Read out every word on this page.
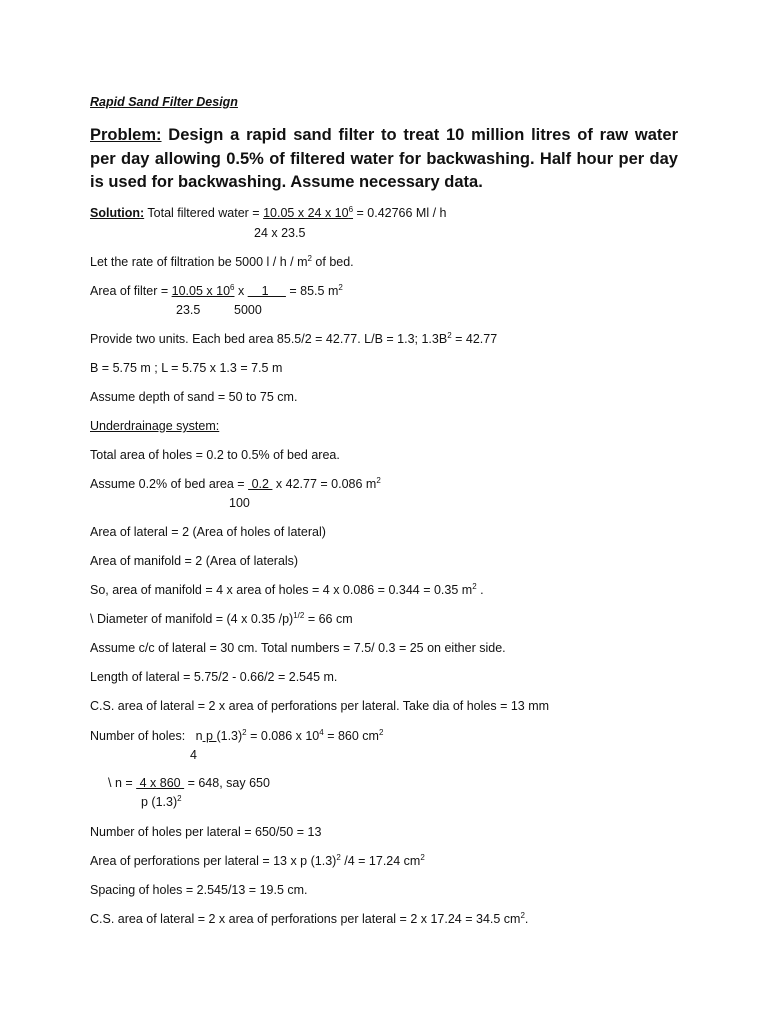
Rapid Sand Filter Design
Problem: Design a rapid sand filter to treat 10 million litres of raw water per day allowing 0.5% of filtered water for backwashing. Half hour per day is used for backwashing. Assume necessary data.
Solution: Total filtered water = 10.05 x 24 x $10^6 = 0.42766$ Ml / h
24 x 23.5
Let the rate of filtration be 5000 l / h / $m^2$ of bed.
Area of filter = 10.05 x $10^6$ x     1      = 85.5 $m^2$
23.5	5000
Provide two units. Each bed area 85.5/2 = 42.77. L/B = 1.3; $1.3B^2 = 42.77$
B = 5.75 m ; L = 5.75 x 1.3 = 7.5 m
Assume depth of sand = 50 to 75 cm.
Underdrainage system:
Total area of holes = 0.2 to 0.5% of bed area.
Assume 0.2% of bed area =  0.2  x 42.77 = 0.086 $m^2$
100
Area of lateral = 2 (Area of holes of lateral)
Area of manifold = 2 (Area of laterals)
So, area of manifold = 4 x area of holes = 4 x 0.086 = 0.344 = 0.35 $m^2$ .
\ Diameter of manifold = (4 x 0.35 /p)$^{1/2}$ = 66 cm
Assume c/c of lateral = 30 cm. Total numbers = 7.5/ 0.3 = 25 on either side.
Length of lateral = 5.75/2 - 0.66/2 = 2.545 m.
C.S. area of lateral = 2 x area of perforations per lateral. Take dia of holes = 13 mm
Number of holes:   n p $(1.3)^2 = 0.086$ x $10^4 = 860$ $cm^2$
4
\ n =  4 x 860  = 648, say 650
p $(1.3)^2$
Number of holes per lateral = 650/50 = 13
Area of perforations per lateral = 13 x p $(1.3)^2$ /4 = 17.24 $cm^2$
Spacing of holes = 2.545/13 = 19.5 cm.
C.S. area of lateral = 2 x area of perforations per lateral = 2 x 17.24 = 34.5 $cm^2$.
